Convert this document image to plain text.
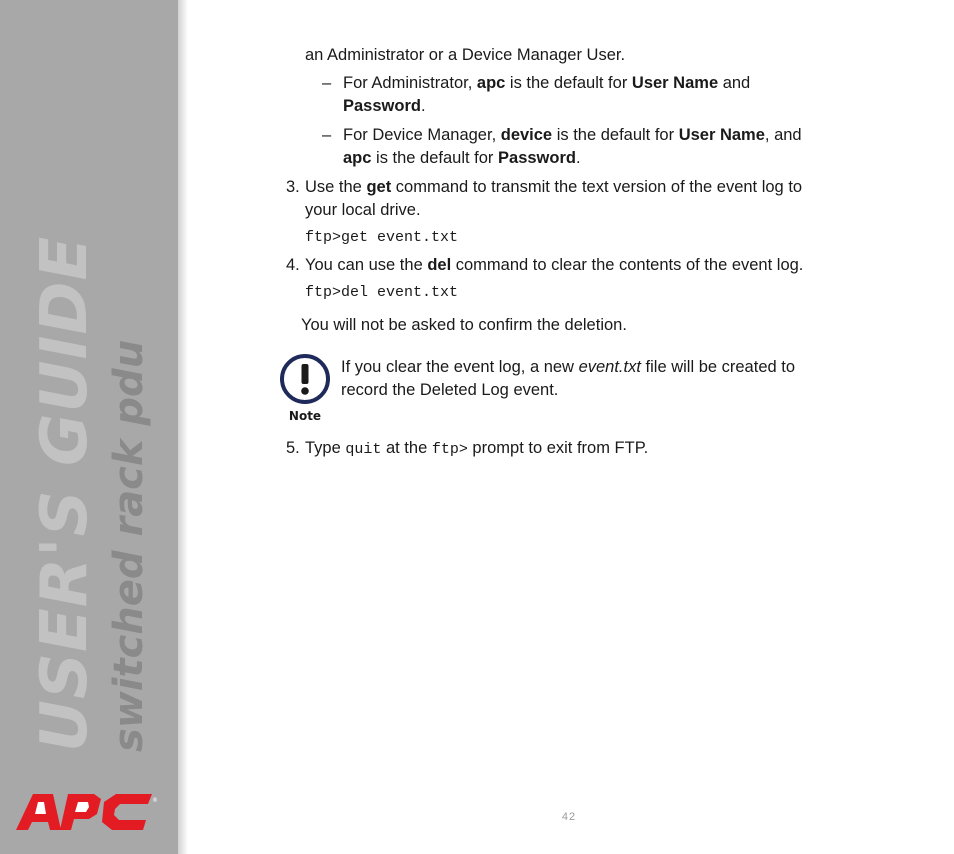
USER'S GUIDE switched rack pdu
®
an Administrator or a Device Manager User.
– For Administrator, apc is the default for User Name and
Password.
– For Device Manager, device is the default for User Name, and
apc is the default for Password.
3. Use the get command to transmit the text version of the event log to
your local drive.
ftp>get event.txt
4. You can use the del command to clear the contents of the event log.
ftp>del event.txt
You will not be asked to confirm the deletion.
Note
If you clear the event log, a new event.txt file will be created to
record the Deleted Log event.
5. Type quit at the ftp> prompt to exit from FTP.
42
